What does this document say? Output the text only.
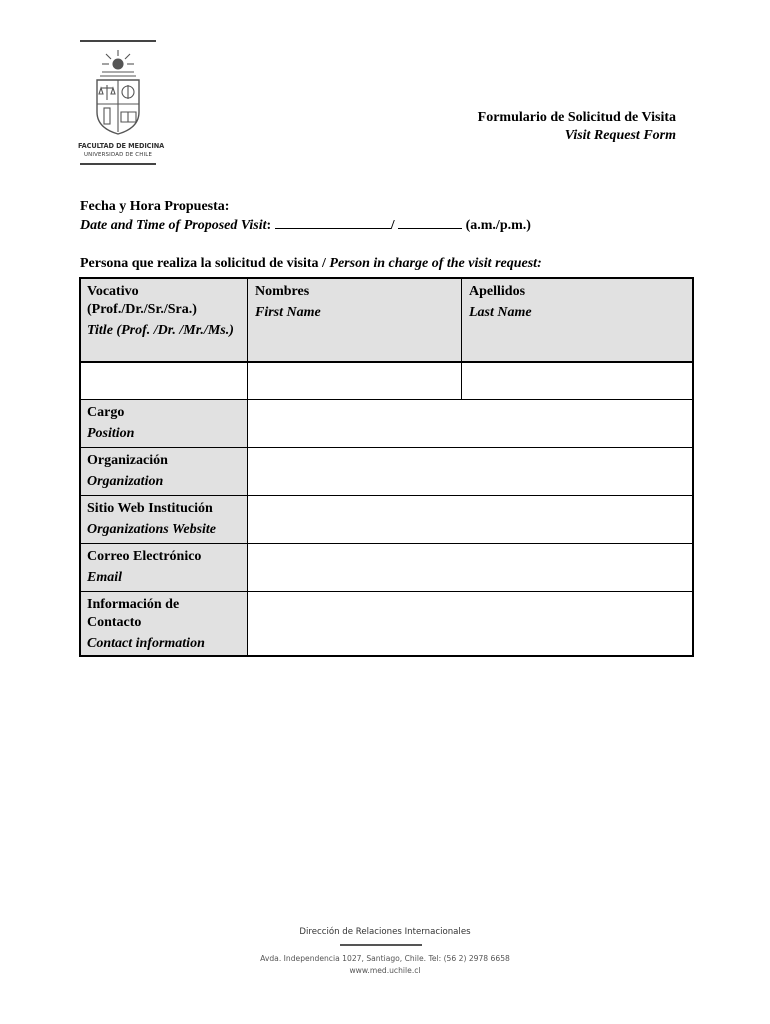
FACULTAD DE MEDICINA
UNIVERSIDAD DE CHILE
Formulario de Solicitud de Visita
Visit Request Form
Fecha y Hora Propuesta:
Date and Time of Proposed Visit:	/	(a.m./p.m.)
Persona que realiza la solicitud de visita / Person in charge of the visit request:
Vocativo (Prof./Dr./Sr./Sra.)
Title (Prof. /Dr. /Mr./Ms.)
Nombres
First Name
Apellidos
Last Name
Cargo
Position
Organización
Organization
Sitio Web Institución
Organizations Website
Correo Electrónico
Email
Información de Contacto
Contact information
Dirección de Relaciones Internacionales
Avda. Independencia 1027, Santiago, Chile. Tel: (56 2) 2978 6658
www.med.uchile.cl
